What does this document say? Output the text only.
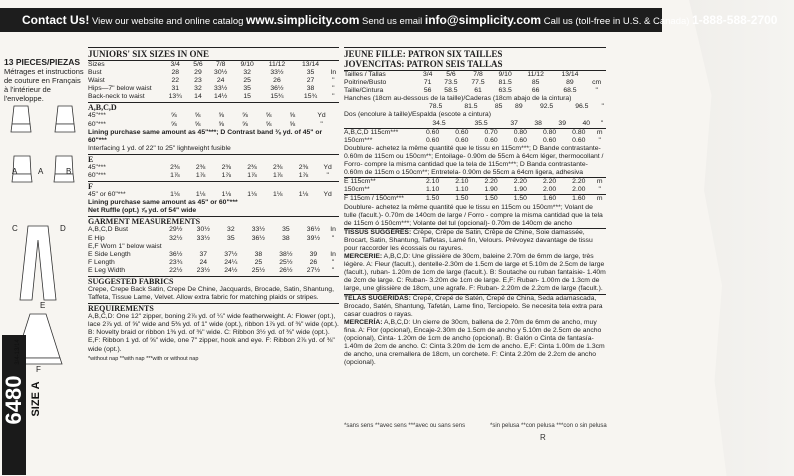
Contact Us! View our website and online catalog www.simplicity.com Send us email info@simplicity.com Call us (toll-free in U.S. & Canada) 1-888-588-2700
13 PIECES/PIEZAS
Métrages et instructions de couture en Français à l'intérieur de l'enveloppe.
A	A	B
C	D
E
F
6480 SIZE A
3/4-13/14
JUNIORS' SIX SIZES IN ONE
Sizes	3/4	5/6	7/8	9/10	11/12	13/14	
Bust	28	29	30½	32	33½	35	In
Waist	22	23	24	25	26	27	"
Hips—7" below waist	31	32	33½	35	36½	38	"
Back-neck to waist	13¾	14	14½	15	15¾	15¾	"
A,B,C,D
45"***	⅝	⅝	⅝	⅝	⅝	⅝	Yd
60"***	⅝	⅝	⅝	⅝	⅝	⅝	"
Lining purchase same amount as 45"***; D Contrast band ⅜ yd. of 45" or 60"***
Interfacing 1 yd. of 22" to 25" lightweight fusible
E
45"***	2⅜	2⅜	2⅜	2⅜	2⅜	2⅜	Yd
60"***	1⅞	1⅞	1⅞	1⅞	1⅞	1⅞	"
F
45" or 60"***	1⅛	1⅛	1⅛	1⅛	1⅛	1⅛	Yd
Lining purchase same amount as 45" or 60"***
Net Ruffle (opt.) ⅞ yd. of 54" wide
GARMENT MEASUREMENTS
A,B,C,D Bust	29½	30½	32	33½	35	36½	In
E Hip	32½	33½	35	36½	38	39½	"
E,F Worn 1" below waist							
E Side Length	36½	37	37½	38	38½	39	In
F Length	23¾	24	24¼	25	25½	26	"
E Leg Width	22½	23½	24½	25½	26½	27½	"
SUGGESTED FABRICS
Crepe, Crepe Back Satin, Crepe De Chine, Jacquards, Brocade, Satin, Shantung, Taffeta, Tissue Lame, Velvet. Allow extra fabric for matching plaids or stripes.
REQUIREMENTS
A,B,C,D: One 12" zipper, boning 2⅞ yd. of ¼" wide featherweight. A: Flower (opt.), lace 2⅞ yd. of ⅝" wide and 5⅜ yd. of 1" wide (opt.), ribbon 1⅞ yd. of ⅜" wide (opt.). B: Novelty braid or ribbon 1⅜ yd. of ⅜" wide. C: Ribbon 3½ yd. of ⅜" wide (opt.). E,F: Ribbon 1 yd. of ⅝" wide, one 7" zipper, hook and eye. F: Ribbon 2⅞ yd. of ⅜" wide (opt.).
*without nap **with nap ***with or without nap
JEUNE FILLE: PATRON SIX TAILLES
JOVENCITAS: PATRON SEIS TALLAS
Tailles / Tallas	3/4	5/6	7/8	9/10	11/12	13/14	
Poitrine/Busto	71	73.5	77.5	81.5	85	89	cm
Taille/Cintura	56	58.5	61	63.5	66	68.5	"
Hanches (18cm au-dessous de la taille)/Caderas (18cm abajo de la cintura)
	78.5	81.5	85	89	92.5	96.5	"
Dos (encolure à taille)/Espalda (escote a cintura)
	34.5	35.5	37	38	39	40	"
A,B,C,D 115cm***	0.60	0.60	0.70	0.80	0.80	0.80	m
150cm***	0.60	0.60	0.60	0.60	0.60	0.60	"
Doublure- achetez la même quantité que le tissu en 115cm***; D Bande contrastante- 0.60m de 115cm ou 150cm**; Entoilage- 0.90m de 55cm à 64cm léger, thermocollant / Forro- compre la misma cantidad que la tela de 115cm***; D Banda contrastante- 0.60m de 115cm o 150cm**; Entretela- 0.90m de 55cm a 64cm ligera, adhesiva
E 115cm**	2.10	2.10	2.20	2.20	2.20	2.20	m
150cm**	1.10	1.10	1.90	1.90	2.00	2.00	"
F 115cm / 150cm***	1.50	1.50	1.50	1.50	1.60	1.60	m
Doublure- achetez la même quantité que le tissu en 115cm ou 150cm***; Volant de tulle (facult.)- 0.70m de 140cm de large / Forro - compre la misma cantidad que la tela de 115cm ó 150cm***; Volante del tul (opcional)- 0.70m de 140cm de ancho
TISSUS SUGGÉRÉS: Crêpe, Crêpe de Satin, Crêpe de Chine, Soie damassée, Brocart, Satin, Shantung, Taffetas, Lamé fin, Velours. Prévoyez davantage de tissu pour raccorder les écossais ou rayures.
MERCERIE: A,B,C,D: Une glissière de 30cm, baleine 2.70m de 6mm de large, très légère. A: Fleur (facult.), dentelle-2.30m de 1.5cm de large et 5.10m de 2.5cm de large (facult.), ruban- 1.20m de 1cm de large (facult.). B: Soutache ou ruban fantaisie- 1.40m de 2cm de large. C: Ruban- 3.20m de 1cm de large. E,F: Ruban- 1.00m de 1.3cm de large, une glissière de 18cm, une agrafe. F: Ruban- 2.20m de 2.2cm de large (facult.).
TELAS SUGERIDAS: Crepé, Crepé de Satén, Crepé de China, Seda adamascada, Brocado, Satén, Shantung, Tafetán, Lame fino, Terciopelo. Se necesita tela extra para casar cuadros o rayas.
MERCERÍA: A,B,C,D: Un cierre de 30cm, ballena de 2.70m de 6mm de ancho, muy fina. A: Flor (opcional), Encaje-2.30m de 1.5cm de ancho y 5.10m de 2.5cm de ancho (opcional), Cinta- 1.20m de 1cm de ancho (opcional). B: Galón o Cinta de fantasía- 1.40m de 2cm de ancho. C: Cinta 3.20m de 1cm de ancho. E,F: Cinta 1.00m de 1.3cm de ancho, una cremallera de 18cm, un corchete. F: Cinta 2.20m de 2.2cm de ancho (opcional).
*sans sens **avec sens ***avec ou sans sens	*sin pelusa **con pelusa ***con o sin pelusa
R
